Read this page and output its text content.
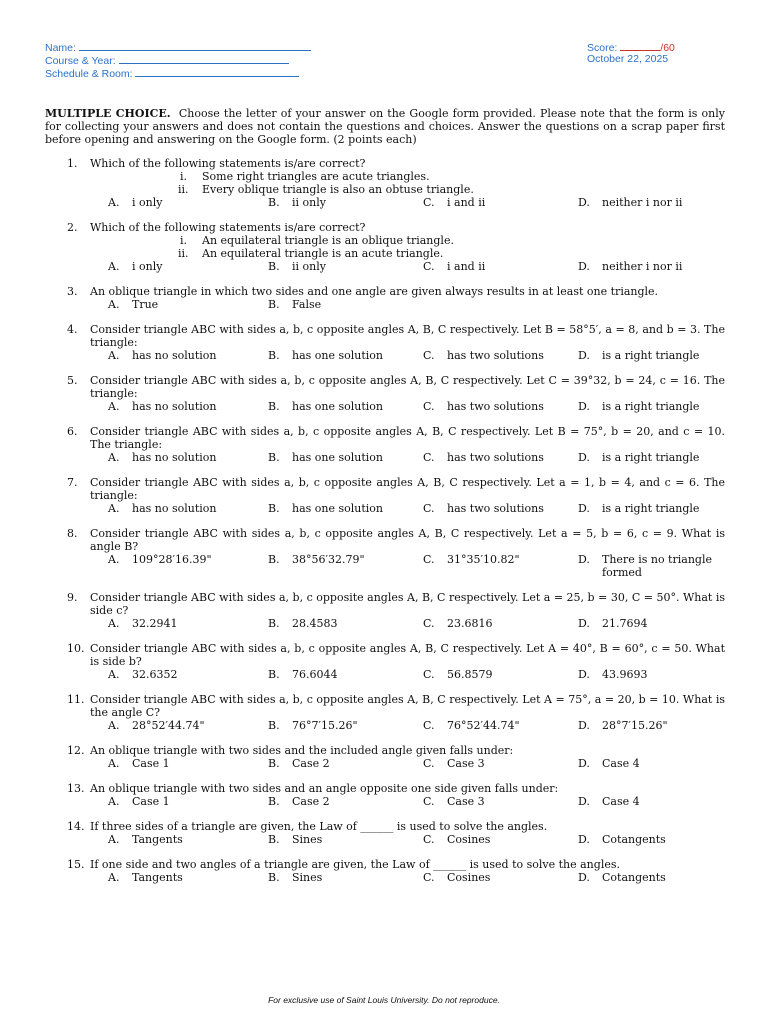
Name:
Course & Year:
Schedule & Room:
Score:	/60
October 22, 2025

MULTIPLE CHOICE. Choose the letter of your answer on the Google form provided. Please note that the form is only for collecting your answers and does not contain the questions and choices. Answer the questions on a scrap paper first before opening and answering on the Google form. (2 points each)

1. Which of the following statements is/are correct?
i.	Some right triangles are acute triangles.
ii.	Every oblique triangle is also an obtuse triangle.
A. i only	B. ii only	C. i and ii	D. neither i nor ii
2. Which of the following statements is/are correct?
i.	An equilateral triangle is an oblique triangle.
ii.	An equilateral triangle is an acute triangle.
A. i only	B. ii only	C. i and ii	D. neither i nor ii
3. An oblique triangle in which two sides and one angle are given always results in at least one triangle.
A. True	B. False
4. Consider triangle ABC with sides a, b, c opposite angles A, B, C respectively. Let B = 58°5′, a = 8, and b = 3. The triangle:
A. has no solution	B. has one solution	C. has two solutions	D. is a right triangle
5. Consider triangle ABC with sides a, b, c opposite angles A, B, C respectively. Let C = 39°32, b = 24, c = 16. The triangle:
A. has no solution	B. has one solution	C. has two solutions	D. is a right triangle
6. Consider triangle ABC with sides a, b, c opposite angles A, B, C respectively. Let B = 75°, b = 20, and c = 10. The triangle:
A. has no solution	B. has one solution	C. has two solutions	D. is a right triangle
7. Consider triangle ABC with sides a, b, c opposite angles A, B, C respectively. Let a = 1, b = 4, and c = 6. The triangle:
A. has no solution	B. has one solution	C. has two solutions	D. is a right triangle
8. Consider triangle ABC with sides a, b, c opposite angles A, B, C respectively. Let a = 5, b = 6, c = 9. What is angle B?
A. 109°28′16.39"	B. 38°56′32.79"	C. 31°35′10.82"	D. There is no triangle formed
9. Consider triangle ABC with sides a, b, c opposite angles A, B, C respectively. Let a = 25, b = 30, C = 50°. What is side c?
A. 32.2941	B. 28.4583	C. 23.6816	D. 21.7694
10. Consider triangle ABC with sides a, b, c opposite angles A, B, C respectively. Let A = 40°, B = 60°, c = 50. What is side b?
A. 32.6352	B. 76.6044	C. 56.8579	D. 43.9693
11. Consider triangle ABC with sides a, b, c opposite angles A, B, C respectively. Let A = 75°, a = 20, b = 10. What is the angle C?
A. 28°52′44.74"	B. 76°7′15.26"	C. 76°52′44.74"	D. 28°7′15.26"
12. An oblique triangle with two sides and the included angle given falls under:
A. Case 1	B. Case 2	C. Case 3	D. Case 4
13. An oblique triangle with two sides and an angle opposite one side given falls under:
A. Case 1	B. Case 2	C. Case 3	D. Case 4
14. If three sides of a triangle are given, the Law of ______ is used to solve the angles.
A. Tangents	B. Sines	C. Cosines	D. Cotangents
15. If one side and two angles of a triangle are given, the Law of ______ is used to solve the angles.
A. Tangents	B. Sines	C. Cosines	D. Cotangents
For exclusive use of Saint Louis University. Do not reproduce.
